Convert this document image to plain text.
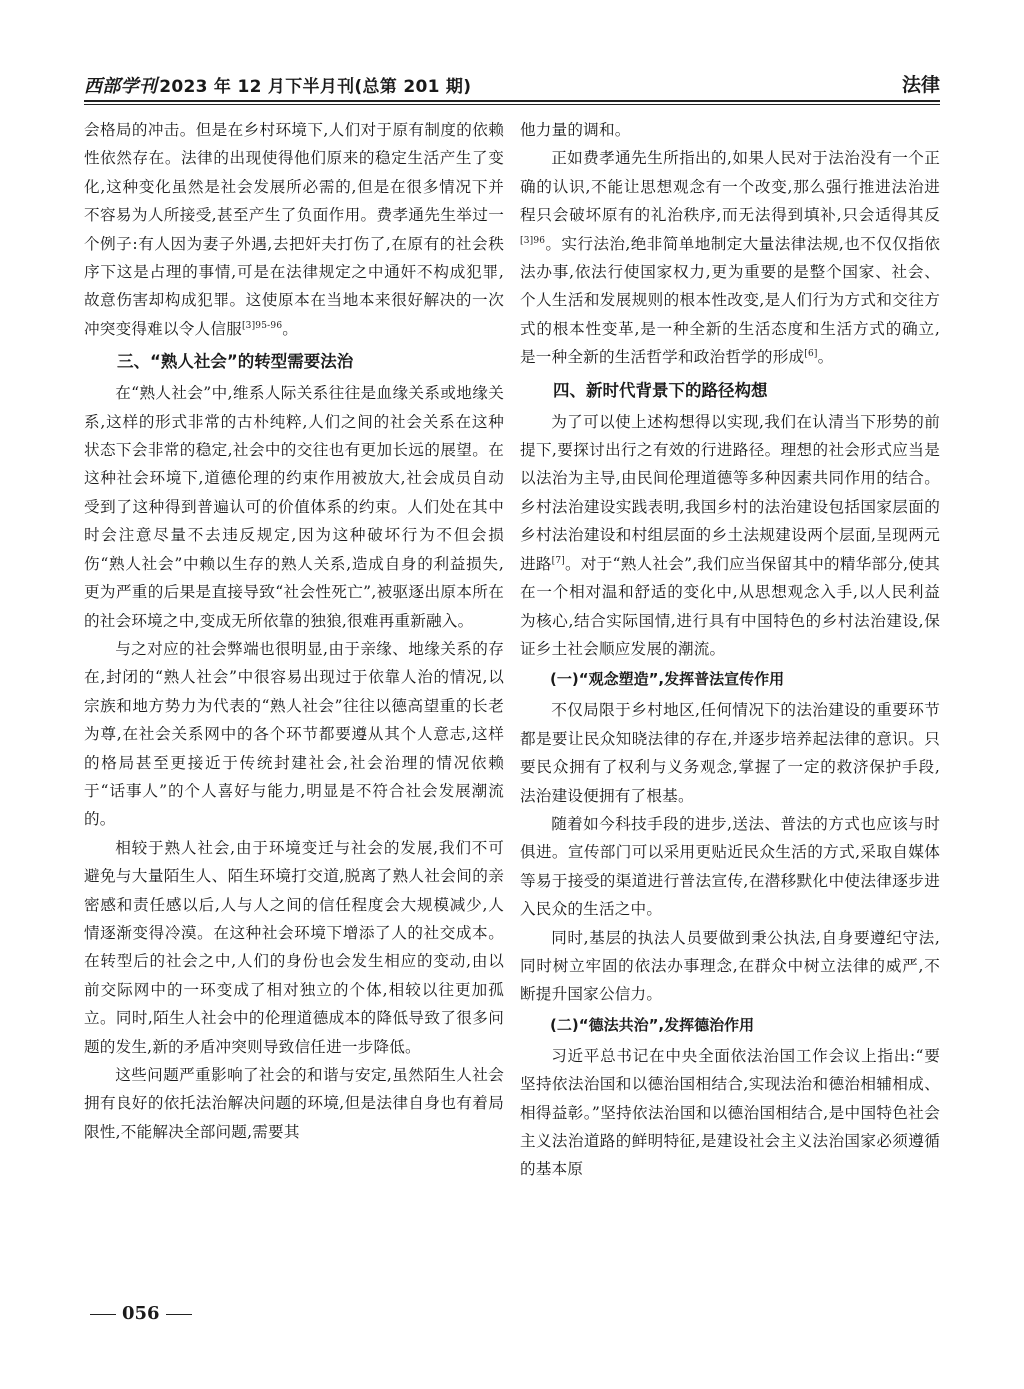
西部学刊 2023 年 12 月下半月刊(总第 201 期)	法律

会格局的冲击。但是在乡村环境下,人们对于原有制度的依赖性依然存在。法律的出现使得他们原来的稳定生活产生了变化,这种变化虽然是社会发展所必需的,但是在很多情况下并不容易为人所接受,甚至产生了负面作用。费孝通先生举过一个例子:有人因为妻子外遇,去把奸夫打伤了,在原有的社会秩序下这是占理的事情,可是在法律规定之中通奸不构成犯罪,故意伤害却构成犯罪。这使原本在当地本来很好解决的一次冲突变得难以令人信服$^{[3]95-96}$。

三、“熟人社会”的转型需要法治

在“熟人社会”中,维系人际关系往往是血缘关系或地缘关系,这样的形式非常的古朴纯粹,人们之间的社会关系在这种状态下会非常的稳定,社会中的交往也有更加长远的展望。在这种社会环境下,道德伦理的约束作用被放大,社会成员自动受到了这种得到普遍认可的价值体系的约束。人们处在其中时会注意尽量不去违反规定,因为这种破坏行为不但会损伤“熟人社会”中赖以生存的熟人关系,造成自身的利益损失,更为严重的后果是直接导致“社会性死亡”,被驱逐出原本所在的社会环境之中,变成无所依靠的独狼,很难再重新融入。

与之对应的社会弊端也很明显,由于亲缘、地缘关系的存在,封闭的“熟人社会”中很容易出现过于依靠人治的情况,以宗族和地方势力为代表的“熟人社会”往往以德高望重的长老为尊,在社会关系网中的各个环节都要遵从其个人意志,这样的格局甚至更接近于传统封建社会,社会治理的情况依赖于“话事人”的个人喜好与能力,明显是不符合社会发展潮流的。

相较于熟人社会,由于环境变迁与社会的发展,我们不可避免与大量陌生人、陌生环境打交道,脱离了熟人社会间的亲密感和责任感以后,人与人之间的信任程度会大规模减少,人情逐渐变得冷漠。在这种社会环境下增添了人的社交成本。在转型后的社会之中,人们的身份也会发生相应的变动,由以前交际网中的一环变成了相对独立的个体,相较以往更加孤立。同时,陌生人社会中的伦理道德成本的降低导致了很多问题的发生,新的矛盾冲突则导致信任进一步降低。

这些问题严重影响了社会的和谐与安定,虽然陌生人社会拥有良好的依托法治解决问题的环境,但是法律自身也有着局限性,不能解决全部问题,需要其

他力量的调和。

正如费孝通先生所指出的,如果人民对于法治没有一个正确的认识,不能让思想观念有一个改变,那么强行推进法治进程只会破坏原有的礼治秩序,而无法得到填补,只会适得其反$^{[3]96}$。实行法治,绝非简单地制定大量法律法规,也不仅仅指依法办事,依法行使国家权力,更为重要的是整个国家、社会、个人生活和发展规则的根本性改变,是人们行为方式和交往方式的根本性变革,是一种全新的生活态度和生活方式的确立,是一种全新的生活哲学和政治哲学的形成[6]。

四、新时代背景下的路径构想

为了可以使上述构想得以实现,我们在认清当下形势的前提下,要探讨出行之有效的行进路径。理想的社会形式应当是以法治为主导,由民间伦理道德等多种因素共同作用的结合。乡村法治建设实践表明,我国乡村的法治建设包括国家层面的乡村法治建设和村组层面的乡土法规建设两个层面,呈现两元进路[7]。对于“熟人社会”,我们应当保留其中的精华部分,使其在一个相对温和舒适的变化中,从思想观念入手,以人民利益为核心,结合实际国情,进行具有中国特色的乡村法治建设,保证乡土社会顺应发展的潮流。

(一)“观念塑造”,发挥普法宣传作用

不仅局限于乡村地区,任何情况下的法治建设的重要环节都是要让民众知晓法律的存在,并逐步培养起法律的意识。只要民众拥有了权利与义务观念,掌握了一定的救济保护手段,法治建设便拥有了根基。

随着如今科技手段的进步,送法、普法的方式也应该与时俱进。宣传部门可以采用更贴近民众生活的方式,采取自媒体等易于接受的渠道进行普法宣传,在潜移默化中使法律逐步进入民众的生活之中。

同时,基层的执法人员要做到秉公执法,自身要遵纪守法,同时树立牢固的依法办事理念,在群众中树立法律的威严,不断提升国家公信力。

(二)“德法共治”,发挥德治作用

习近平总书记在中央全面依法治国工作会议上指出:“要坚持依法治国和以德治国相结合,实现法治和德治相辅相成、相得益彰。”坚持依法治国和以德治国相结合,是中国特色社会主义法治道路的鲜明特征,是建设社会主义法治国家必须遵循的基本原

056
